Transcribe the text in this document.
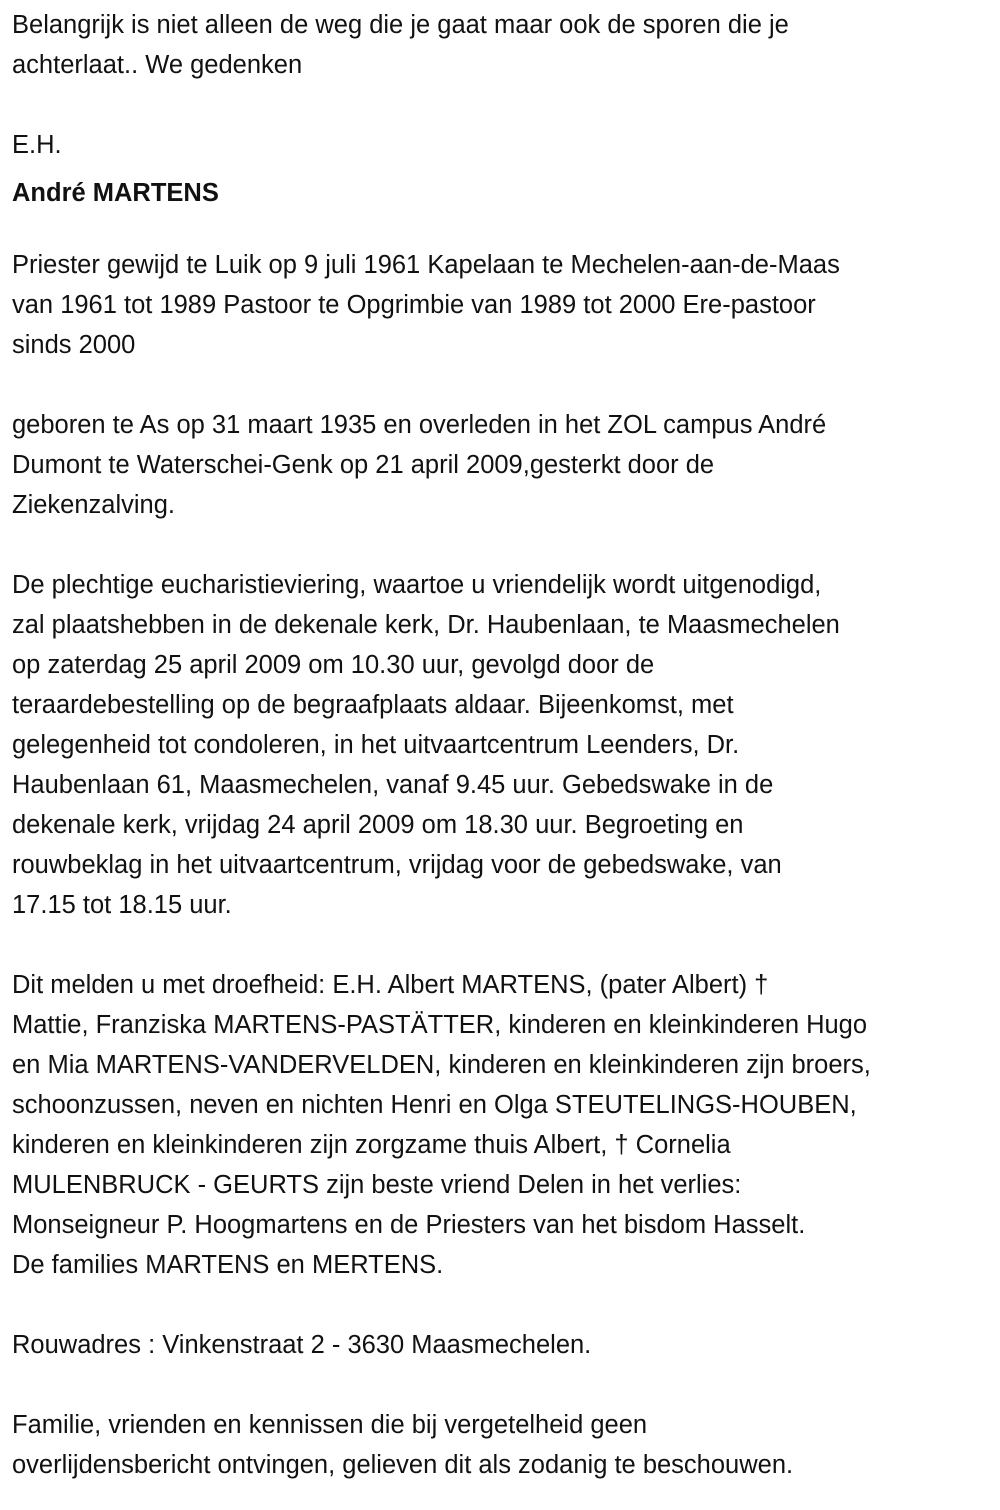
Belangrijk is niet alleen de weg die je gaat maar ook de sporen die je
achterlaat.. We gedenken
E.H.
André MARTENS
Priester gewijd te Luik op 9 juli 1961 Kapelaan te Mechelen-aan-de-Maas
van 1961 tot 1989 Pastoor te Opgrimbie van 1989 tot 2000 Ere-pastoor
sinds 2000
geboren te As op 31 maart 1935 en overleden in het ZOL campus André
Dumont te Waterschei-Genk op 21 april 2009,gesterkt door de
Ziekenzalving.
De plechtige eucharistieviering, waartoe u vriendelijk wordt uitgenodigd,
zal plaatshebben in de dekenale kerk, Dr. Haubenlaan, te Maasmechelen
op zaterdag 25 april 2009 om 10.30 uur, gevolgd door de
teraardebestelling op de begraafplaats aldaar. Bijeenkomst, met
gelegenheid tot condoleren, in het uitvaartcentrum Leenders, Dr.
Haubenlaan 61, Maasmechelen, vanaf 9.45 uur. Gebedswake in de
dekenale kerk, vrijdag 24 april 2009 om 18.30 uur. Begroeting en
rouwbeklag in het uitvaartcentrum, vrijdag voor de gebedswake, van
17.15 tot 18.15 uur.
Dit melden u met droefheid: E.H. Albert MARTENS, (pater Albert) †
Mattie, Franziska MARTENS-PASTÄTTER, kinderen en kleinkinderen Hugo
en Mia MARTENS-VANDERVELDEN, kinderen en kleinkinderen zijn broers,
schoonzussen, neven en nichten Henri en Olga STEUTELINGS-HOUBEN,
kinderen en kleinkinderen zijn zorgzame thuis Albert, † Cornelia
MULENBRUCK - GEURTS zijn beste vriend Delen in het verlies:
Monseigneur P. Hoogmartens en de Priesters van het bisdom Hasselt.
De families MARTENS en MERTENS.
Rouwadres : Vinkenstraat 2 - 3630 Maasmechelen.
Familie, vrienden en kennissen die bij vergetelheid geen
overlijdensbericht ontvingen, gelieven dit als zodanig te beschouwen.
